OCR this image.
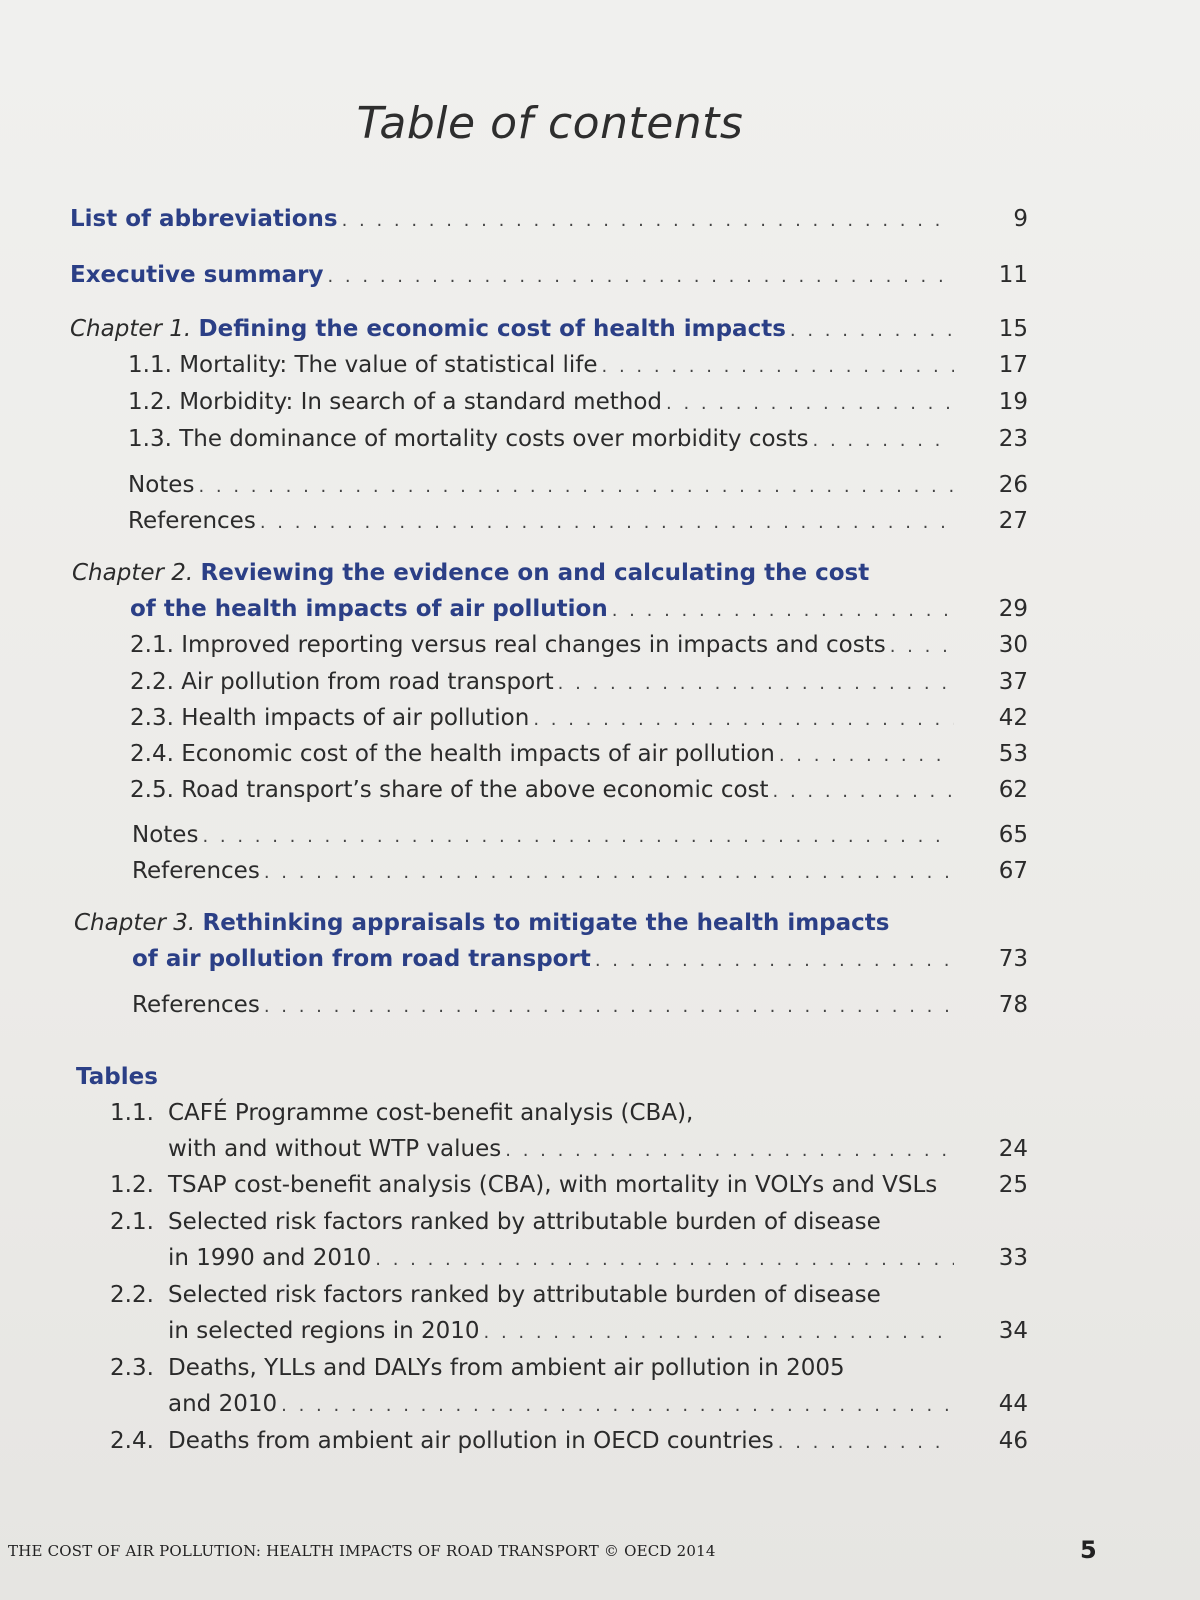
Table of contents
List of abbreviations . . .	9
Executive summary . . .	11
Chapter 1. Defining the economic cost of health impacts . . .	15
1.1. Mortality: The value of statistical life . . .	17
1.2. Morbidity: In search of a standard method . . .	19
1.3. The dominance of mortality costs over morbidity costs . . .	23
Notes . . .	26
References . . .	27
Chapter 2. Reviewing the evidence on and calculating the cost
of the health impacts of air pollution . . .	29
2.1. Improved reporting versus real changes in impacts and costs . . .	30
2.2. Air pollution from road transport . . .	37
2.3. Health impacts of air pollution . . .	42
2.4. Economic cost of the health impacts of air pollution . . .	53
2.5. Road transport’s share of the above economic cost . . .	62
Notes . . .	65
References . . .	67
Chapter 3. Rethinking appraisals to mitigate the health impacts
of air pollution from road transport . . .	73
References . . .	78
Tables
1.1. CAFÉ Programme cost-benefit analysis (CBA),
with and without WTP values . . .	24
1.2. TSAP cost-benefit analysis (CBA), with mortality in VOLYs and VSLs	25
2.1. Selected risk factors ranked by attributable burden of disease
in 1990 and 2010 . . .	33
2.2. Selected risk factors ranked by attributable burden of disease
in selected regions in 2010 . . .	34
2.3. Deaths, YLLs and DALYs from ambient air pollution in 2005
and 2010 . . .	44
2.4. Deaths from ambient air pollution in OECD countries . . .	46
THE COST OF AIR POLLUTION: HEALTH IMPACTS OF ROAD TRANSPORT © OECD 2014	5
